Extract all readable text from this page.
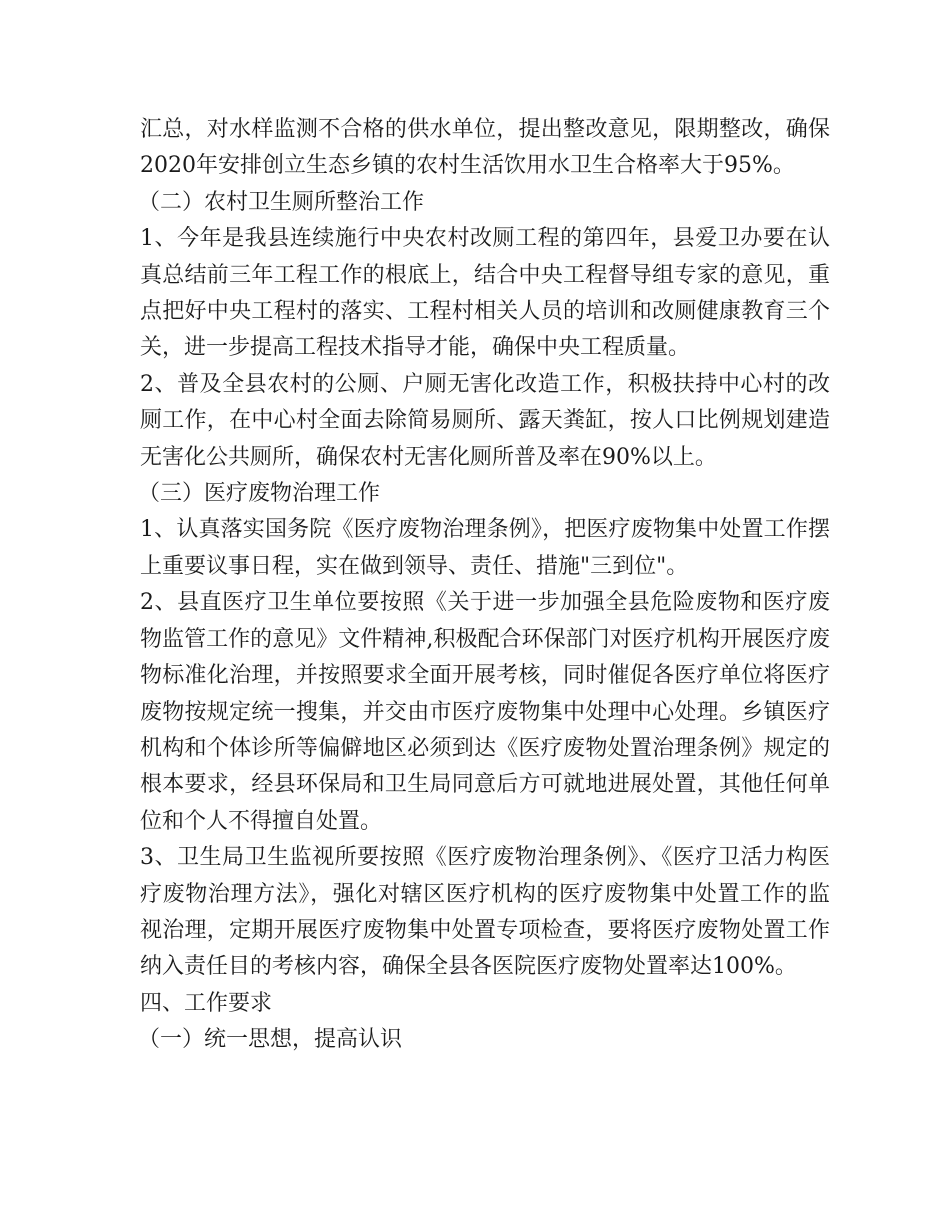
汇总，对水样监测不合格的供水单位，提出整改意见，限期整改，确保2020年安排创立生态乡镇的农村生活饮用水卫生合格率大于95%。

（二）农村卫生厕所整治工作

1、今年是我县连续施行中央农村改厕工程的第四年，县爱卫办要在认真总结前三年工程工作的根底上，结合中央工程督导组专家的意见，重点把好中央工程村的落实、工程村相关人员的培训和改厕健康教育三个关，进一步提高工程技术指导才能，确保中央工程质量。

2、普及全县农村的公厕、户厕无害化改造工作，积极扶持中心村的改厕工作，在中心村全面去除简易厕所、露天粪缸，按人口比例规划建造无害化公共厕所，确保农村无害化厕所普及率在90%以上。

（三）医疗废物治理工作

1、认真落实国务院《医疗废物治理条例》，把医疗废物集中处置工作摆上重要议事日程，实在做到领导、责任、措施"三到位"。

2、县直医疗卫生单位要按照《关于进一步加强全县危险废物和医疗废物监管工作的意见》文件精神,积极配合环保部门对医疗机构开展医疗废物标准化治理，并按照要求全面开展考核，同时催促各医疗单位将医疗废物按规定统一搜集，并交由市医疗废物集中处理中心处理。乡镇医疗机构和个体诊所等偏僻地区必须到达《医疗废物处置治理条例》规定的根本要求，经县环保局和卫生局同意后方可就地进展处置，其他任何单位和个人不得擅自处置。

3、卫生局卫生监视所要按照《医疗废物治理条例》、《医疗卫活力构医疗废物治理方法》，强化对辖区医疗机构的医疗废物集中处置工作的监视治理，定期开展医疗废物集中处置专项检查，要将医疗废物处置工作纳入责任目的考核内容，确保全县各医院医疗废物处置率达100%。

四、工作要求

（一）统一思想，提高认识
